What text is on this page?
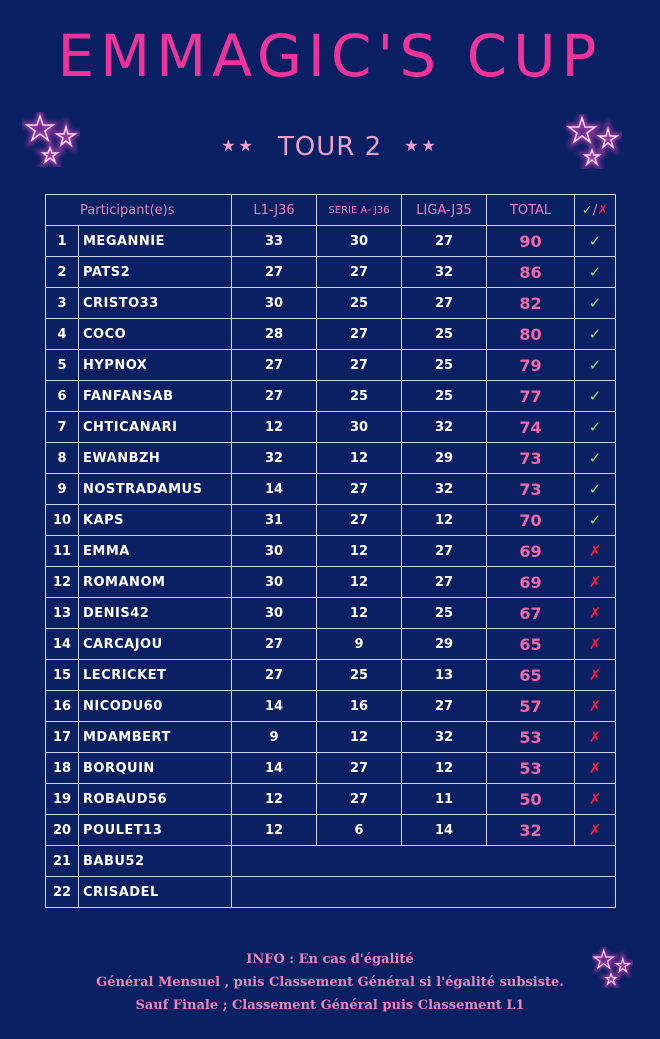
EMMAGIC'S CUP
★★ TOUR 2 ★★
Participant(e)s		L1-J36	SERIE A- J36	LIGA-J35	TOTAL	✓/✗
1	MEGANNIE	33	30	27	90	✓
2	PATS2	27	27	32	86	✓
3	CRISTO33	30	25	27	82	✓
4	COCO	28	27	25	80	✓
5	HYPNOX	27	27	25	79	✓
6	FANFANSAB	27	25	25	77	✓
7	CHTICANARI	12	30	32	74	✓
8	EWANBZH	32	12	29	73	✓
9	NOSTRADAMUS	14	27	32	73	✓
10	KAPS	31	27	12	70	✓
11	EMMA	30	12	27	69	✗
12	ROMANOM	30	12	27	69	✗
13	DENIS42	30	12	25	67	✗
14	CARCAJOU	27	9	29	65	✗
15	LECRICKET	27	25	13	65	✗
16	NICODU60	14	16	27	57	✗
17	MDAMBERT	9	12	32	53	✗
18	BORQUIN	14	27	12	53	✗
19	ROBAUD56	12	27	11	50	✗
20	POULET13	12	6	14	32	✗
21	BABU52					
22	CRISADEL					
INFO : En cas d'égalité
Général Mensuel , puis Classement Général si l'égalité subsiste.
Sauf Finale ; Classement Général puis Classement L1
